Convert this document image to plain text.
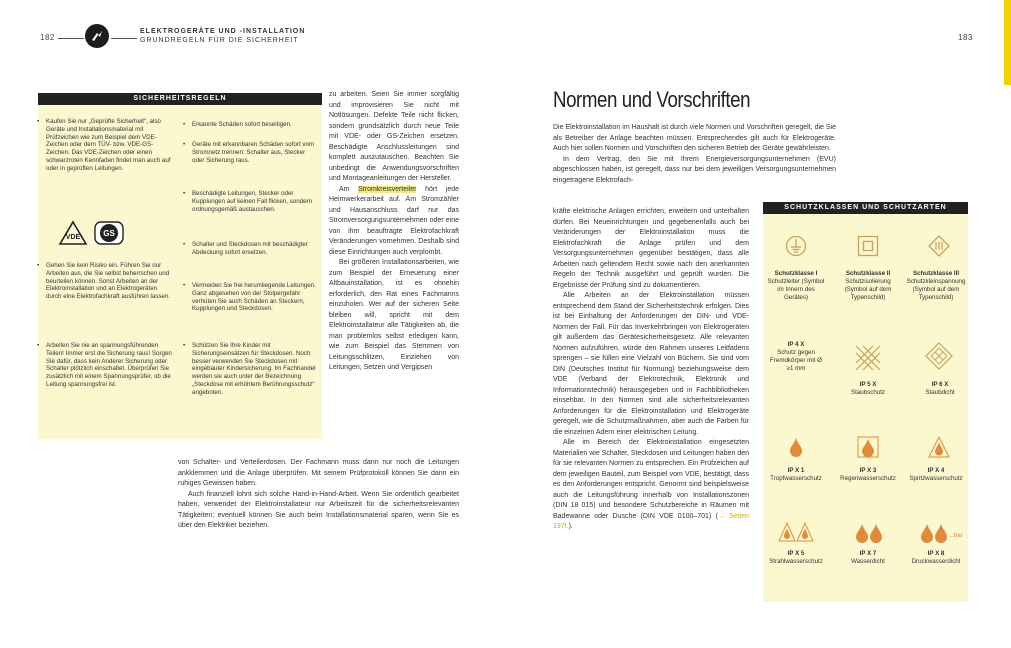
182
ELEKTROGERÄTE UND -INSTALLATION
GRUNDREGELN FÜR DIE SICHERHEIT	183
SICHERHEITSREGELN
• Kaufen Sie nur „Geprüfte Sicherheit“, also Geräte und Installationsmaterial mit Prüfzeichen wie zum Beispiel dem VDE-Zeichen oder dem TÜV- bzw. VDE-GS-Zeichen. Das VDE-Zeichen oder einen schwarzroten Kennfaden findet man auch auf oder in geprüften Leitungen.
VDE	GS
• Gehen Sie kein Risiko ein. Führen Sie nur Arbeiten aus, die Sie selbst beherrschen und beurteilen können. Sonst Arbeiten an der Elektroinstallation und an Elektrogeräten durch eine Elektrofachkraft ausführen lassen.
• Arbeiten Sie nie an spannungsführenden Teilen! Immer erst die Sicherung raus! Sorgen Sie dafür, dass kein Anderer Sicherung oder Schalter plötzlich einschaltet. Überprüfen Sie zusätzlich mit einem Spannungsprüfer, ob die Leitung spannungsfrei ist.
• Erkannte Schäden sofort beseitigen.
• Geräte mit erkannbaren Schäden sofort vom Stromnetz trennen: Schalter aus, Stecker oder Sicherung raus.
• Beschädigte Leitungen, Stecker oder Kupplungen auf keinen Fall flicken, sondern ordnungsgemäß austauschen.
• Schalter und Steckdosen mit beschädigter Abdeckung sofort ersetzen.
• Vermeiden Sie frei herumliegende Leitungen. Ganz abgesehen von der Stolpergefahr verhüten Sie auch Schäden an Steckern, Kupplungen und Steckdosen.
• Schützen Sie Ihre Kinder mit Sicherungseinsätzen für Steckdosen. Noch besser verwenden Sie Steckdosen mit eingebauter Kindersicherung. Im Fachhandel werden sie auch unter der Bezeichnung „Steckdose mit erhöhtem Berührungsschutz“ angeboten.

zu arbeiten. Seien Sie immer sorgfältig und improvisieren Sie nicht mit Notlösungen. Defekte Teile nicht flicken, sondern grundsätzlich durch neue Teile mit VDE- oder GS-Zeichen ersetzen. Beschädigte Anschlussleitungen sind komplett auszutauschen. Beachten Sie unbedingt die Anwendungsvorschriften und Montageanleitungen der Hersteller.

Am Stromkreisverteiler hört jede Heimwerkerarbeit auf. Am Stromzähler und Hausanschluss darf nur das Stromversorgungsunternehmen oder eine von ihm beauftragte Elektrofachkraft Veränderungen vornehmen. Deshalb sind diese Einrichtungen auch verplombt.

Bei größeren Installationsarbeiten, wie zum Beispiel der Erneuerung einer Altbauinstallation, ist es ohnehin erforderlich, den Rat eines Fachmanns einzuholen. Wer auf der sicheren Seite bleiben will, spricht mit dem Elektroinstallateur alle Tätigkeiten ab, die man problemlos selbst erledigen kann, wie zum Beispiel das Stemmen von Leitungsschlitzen, Einziehen von Leitungen, Setzen und Vergipsen

von Schalter- und Verteilerdosen. Der Fachmann muss dann nur noch die Leitungen ankklemmen und die Anlage überprüfen. Mit seinem Prüfprotokoll können Sie dann ein ruhiges Gewissen haben.

Auch finanziell lohnt sich solche Hand-in-Hand-Arbeit. Wenn Sie ordentlich gearbeitet haben, verwendet der Elektroinstallateur nur Arbeitszeit für die sicherheitsrelevanten Tätigkeiten; eventuell können Sie auch beim Installationsmaterial sparen, wenn Sie es über den Elektriker beziehen.

Normen und Vorschriften

Die Elektroinstallation im Haushalt ist durch viele Normen und Vorschriften geregelt, die Sie als Betreiber der Anlage beachten müssen. Entsprechendes gilt auch für Elektrogeräte. Auch hier sollen Normen und Vorschriften den sicheren Betrieb der Geräte gewährleisten.

In dem Vertrag, den Sie mit Ihrem Energieversorgungsunternehmen (EVU) abgeschlossen haben, ist geregelt, dass nur bei dem jeweiligen Versorgungsunternehmen eingetragene Elektrofach-

kräfte elektrische Anlagen errichten, erweitern und unterhalten dürfen. Bei Neueinrichtungen und gegebenenfalls auch bei Veränderungen der Elektroinstallation muss die Elektrofachkraft die Anlage prüfen und dem Versorgungsunternehmen gegenüber bestätigen, dass alle Arbeiten nach geltendem Recht sowie nach den anerkannten Regeln der Technik ausgeführt und geprüft wurden. Die Ergebnisse der Prüfung sind zu dokumentieren.

Alle Arbeiten an der Elektroinstallation müssen entsprechend dem Stand der Sicherheitstechnik erfolgen. Dies ist bei Einhaltung der Anforderungen der DIN- und VDE-Normen der Fall. Für das Inverkehrbringen von Elektrogeräten gilt außerdem das Gerätesicherheitsgesetz. Alle relevanten Normen aufzuführen, würde den Rahmen unseres Leitfadens sprengen – sie füllen eine Vielzahl von Büchern. Sie sind vom DIN (Deutsches Institut für Normung) beziehungsweise dem VDE (Verband der Elektrotechnik, Elektronik und Informationstechnik) herausgegeben und in Fachbibliotheken einsehbar. In den Normen sind alle sicherheitsrelevanten Anforderungen für die Elektroinstallation und Elektrogeräte geregelt, wie die Schutzmaßnahmen, aber auch die Farben für die einzelnen Adern einer elektrischen Leitung.

Alle im Bereich der Elektroinstallation eingesetzten Materialien wie Schalter, Steckdosen und Leitungen haben den für sie relevanten Normen zu entsprechen. Ein Prüfzeichen auf dem jeweiligen Bauteil, zum Beispiel vom VDE, bestätigt, dass es den Anforderungen entspricht. Genormt sind beispielsweise auch die Leitungsführung innerhalb von Installationszonen (DIN 18 015) und besondere Schutzbereiche in Räumen mit Badewanne oder Dusche (DIN VDE 0100–701) (→ Seiten 197f.).

SCHUTZKLASSEN UND SCHUTZARTEN
Schutzklasse I
Schutzleiter (Symbol im Innern des Gerätes)
Schutzklasse II
Schutzisolierung (Symbol auf dem Typenschild)
Schutzklasse III
Schutzkleinspannung (Symbol auf dem Typenschild)
IP 4 X
Schutz gegen Fremdkörper mit Ø ≥1 mm
IP 5 X
Staubschutz
IP 6 X
Staubdicht
IP X 1
Tropfwasserschutz
IP X 3
Regenwasserschutz
IP X 4
Spritzwasserschutz
...bar
IP X 5
Strahlwasserschutz
IP X 7
Wasserdicht
IP X 8
Druckwasserdicht
